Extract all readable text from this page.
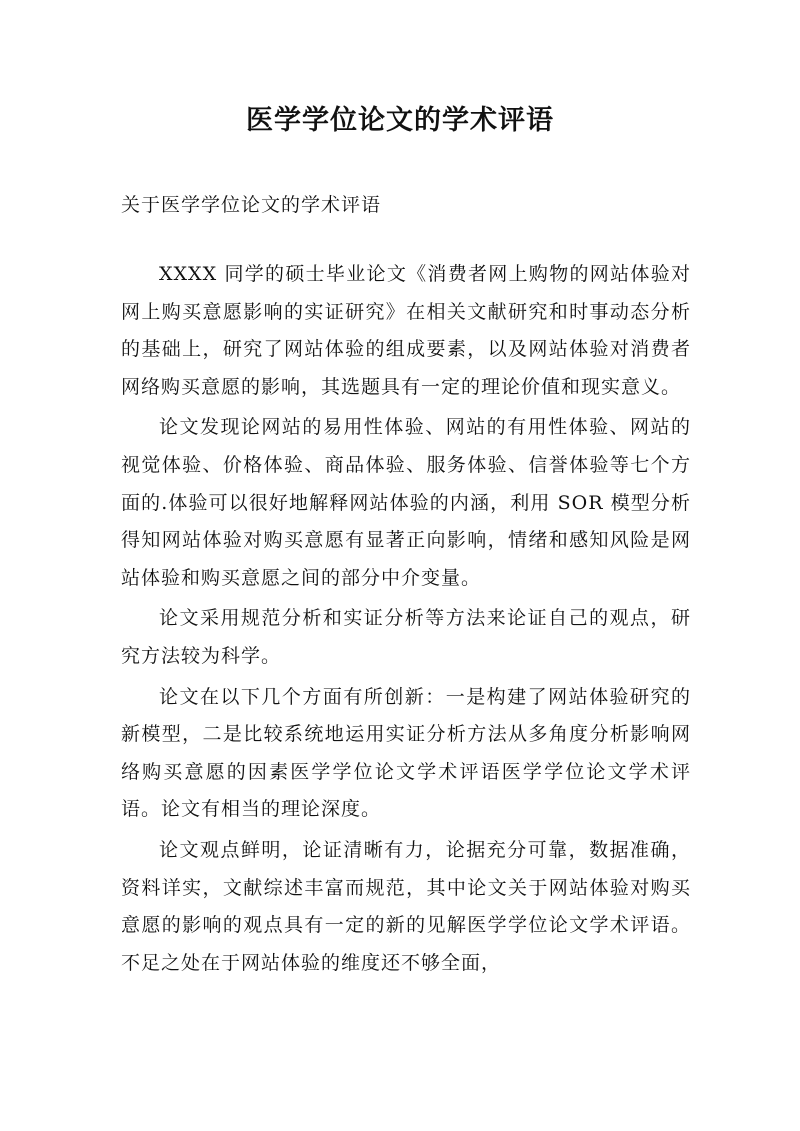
医学学位论文的学术评语
关于医学学位论文的学术评语

XXXX 同学的硕士毕业论文《消费者网上购物的网站体验对网上购买意愿影响的实证研究》在相关文献研究和时事动态分析的基础上，研究了网站体验的组成要素，以及网站体验对消费者网络购买意愿的影响，其选题具有一定的理论价值和现实意义。

论文发现论网站的易用性体验、网站的有用性体验、网站的视觉体验、价格体验、商品体验、服务体验、信誉体验等七个方面的.体验可以很好地解释网站体验的内涵，利用 SOR 模型分析得知网站体验对购买意愿有显著正向影响，情绪和感知风险是网站体验和购买意愿之间的部分中介变量。

论文采用规范分析和实证分析等方法来论证自己的观点，研究方法较为科学。

论文在以下几个方面有所创新：一是构建了网站体验研究的新模型，二是比较系统地运用实证分析方法从多角度分析影响网络购买意愿的因素医学学位论文学术评语医学学位论文学术评语。论文有相当的理论深度。

论文观点鲜明，论证清晰有力，论据充分可靠，数据准确，资料详实，文献综述丰富而规范，其中论文关于网站体验对购买意愿的影响的观点具有一定的新的见解医学学位论文学术评语。不足之处在于网站体验的维度还不够全面，
